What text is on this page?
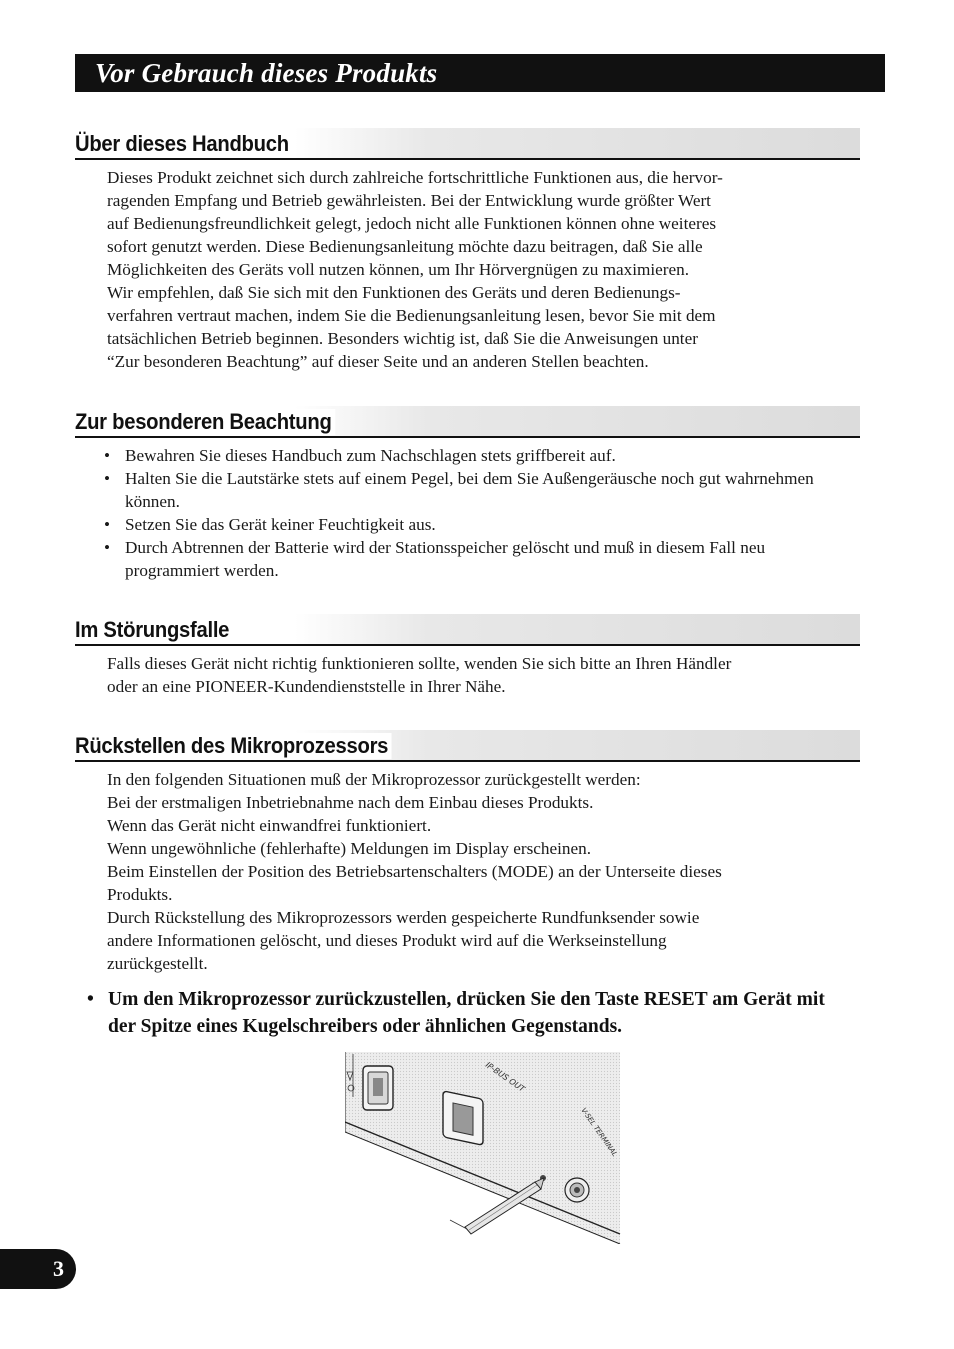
Vor Gebrauch dieses Produkts
Über dieses Handbuch

Dieses Produkt zeichnet sich durch zahlreiche fortschrittliche Funktionen aus, die hervor-

ragenden Empfang und Betrieb gewährleisten. Bei der Entwicklung wurde größter Wert

auf Bedienungsfreundlichkeit gelegt, jedoch nicht alle Funktionen können ohne weiteres

sofort genutzt werden. Diese Bedienungsanleitung möchte dazu beitragen, daß Sie alle

Möglichkeiten des Geräts voll nutzen können, um Ihr Hörvergnügen zu maximieren.

Wir empfehlen, daß Sie sich mit den Funktionen des Geräts und deren Bedienungs-

verfahren vertraut machen, indem Sie die Bedienungsanleitung lesen, bevor Sie mit dem

tatsächlichen Betrieb beginnen. Besonders wichtig ist, daß Sie die Anweisungen unter

“Zur besonderen Beachtung” auf dieser Seite und an anderen Stellen beachten.

Zur besonderen Beachtung
• Bewahren Sie dieses Handbuch zum Nachschlagen stets griffbereit auf.
• Halten Sie die Lautstärke stets auf einem Pegel, bei dem Sie Außengeräusche noch gut wahrnehmen können.
• Setzen Sie das Gerät keiner Feuchtigkeit aus.
• Durch Abtrennen der Batterie wird der Stationsspeicher gelöscht und muß in diesem Fall neu programmiert werden.
Im Störungsfalle

Falls dieses Gerät nicht richtig funktionieren sollte, wenden Sie sich bitte an Ihren Händler

oder an eine PIONEER-Kundendienststelle in Ihrer Nähe.

Rückstellen des Mikroprozessors

In den folgenden Situationen muß der Mikroprozessor zurückgestellt werden:

Bei der erstmaligen Inbetriebnahme nach dem Einbau dieses Produkts.

Wenn das Gerät nicht einwandfrei funktioniert.

Wenn ungewöhnliche (fehlerhafte) Meldungen im Display erscheinen.

Beim Einstellen der Position des Betriebsartenschalters (MODE) an der Unterseite dieses

Produkts.

Durch Rückstellung des Mikroprozessors werden gespeicherte Rundfunksender sowie

andere Informationen gelöscht, und dieses Produkt wird auf die Werkseinstellung

zurückgestellt.

• Um den Mikroprozessor zurückzustellen, drücken Sie den Taste RESET am Gerät mit der Spitze eines Kugelschreibers oder ähnlichen Gegenstands.
IP-BUS OUT
V-SEL TERMINAL
3
